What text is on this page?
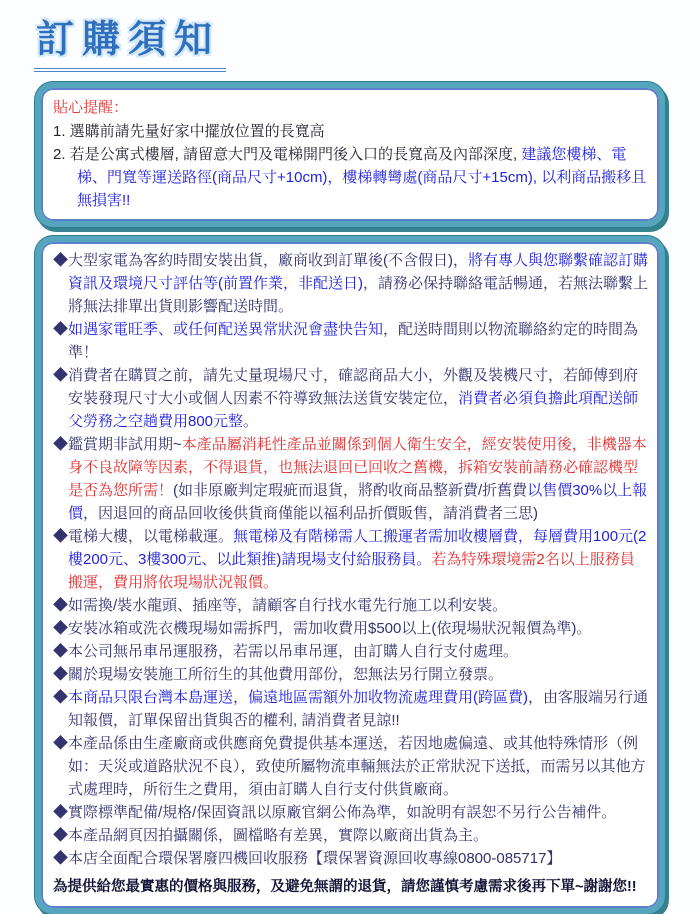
訂購須知

貼心提醒：

1. 選購前請先量好家中擺放位置的長寬高

2. 若是公寓式樓層, 請留意大門及電梯開門後入口的長寬高及內部深度, 建議您樓梯、電梯、門寬等運送路徑(商品尺寸+10cm)，樓梯轉彎處(商品尺寸+15cm), 以利商品搬移且無損害!!

◆大型家電為客約時間安裝出貨，廠商收到訂單後(不含假日)，將有專人與您聯繫確認訂購資訊及環境尺寸評估等(前置作業，非配送日)，請務必保持聯絡電話暢通，若無法聯繫上將無法排單出貨則影響配送時間。

◆如遇家電旺季、或任何配送異常狀況會盡快告知，配送時間則以物流聯絡約定的時間為準！

◆消費者在購買之前，請先丈量現場尺寸，確認商品大小，外觀及裝機尺寸，若師傅到府安裝發現尺寸大小或個人因素不符導致無法送貨安裝定位，消費者必須負擔此項配送師父勞務之空趟費用800元整。

◆鑑賞期非試用期~本產品屬消耗性產品並關係到個人衛生安全，經安裝使用後，非機器本身不良故障等因素，不得退貨，也無法退回已回收之舊機，拆箱安裝前請務必確認機型是否為您所需！(如非原廠判定瑕疵而退貨，將酌收商品整新費/折舊費以售價30%以上報價，因退回的商品回收後供貨商僅能以福利品折價販售，請消費者三思)

◆電梯大樓，以電梯載運。無電梯及有階梯需人工搬運者需加收樓層費，每層費用100元(2樓200元、3樓300元、以此類推)請現場支付給服務員。若為特殊環境需2名以上服務員搬運，費用將依現場狀況報價。

◆如需換/裝水龍頭、插座等，請顧客自行找水電先行施工以利安裝。

◆安裝冰箱或洗衣機現場如需拆門，需加收費用$500以上(依現場狀況報價為準)。

◆本公司無吊車吊運服務，若需以吊車吊運，由訂購人自行支付處理。

◆關於現場安裝施工所衍生的其他費用部份，恕無法另行開立發票。

◆本商品只限台灣本島運送，偏遠地區需額外加收物流處理費用(跨區費)，由客服端另行通知報價，訂單保留出貨與否的權利, 請消費者見諒!!

◆本產品係由生產廠商或供應商免費提供基本運送，若因地處偏遠、或其他特殊情形（例如：天災或道路狀況不良），致使所屬物流車輛無法於正常狀況下送抵，而需另以其他方式處理時，所衍生之費用，須由訂購人自行支付供貨廠商。

◆實際標準配備/規格/保固資訊以原廠官網公佈為準，如說明有誤恕不另行公告補件。

◆本產品網頁因拍攝關係，圖檔略有差異，實際以廠商出貨為主。

◆本店全面配合環保署廢四機回收服務【環保署資源回收專線0800-085717】

為提供給您最實惠的價格與服務，及避免無謂的退貨，請您謹慎考慮需求後再下單~謝謝您!!
